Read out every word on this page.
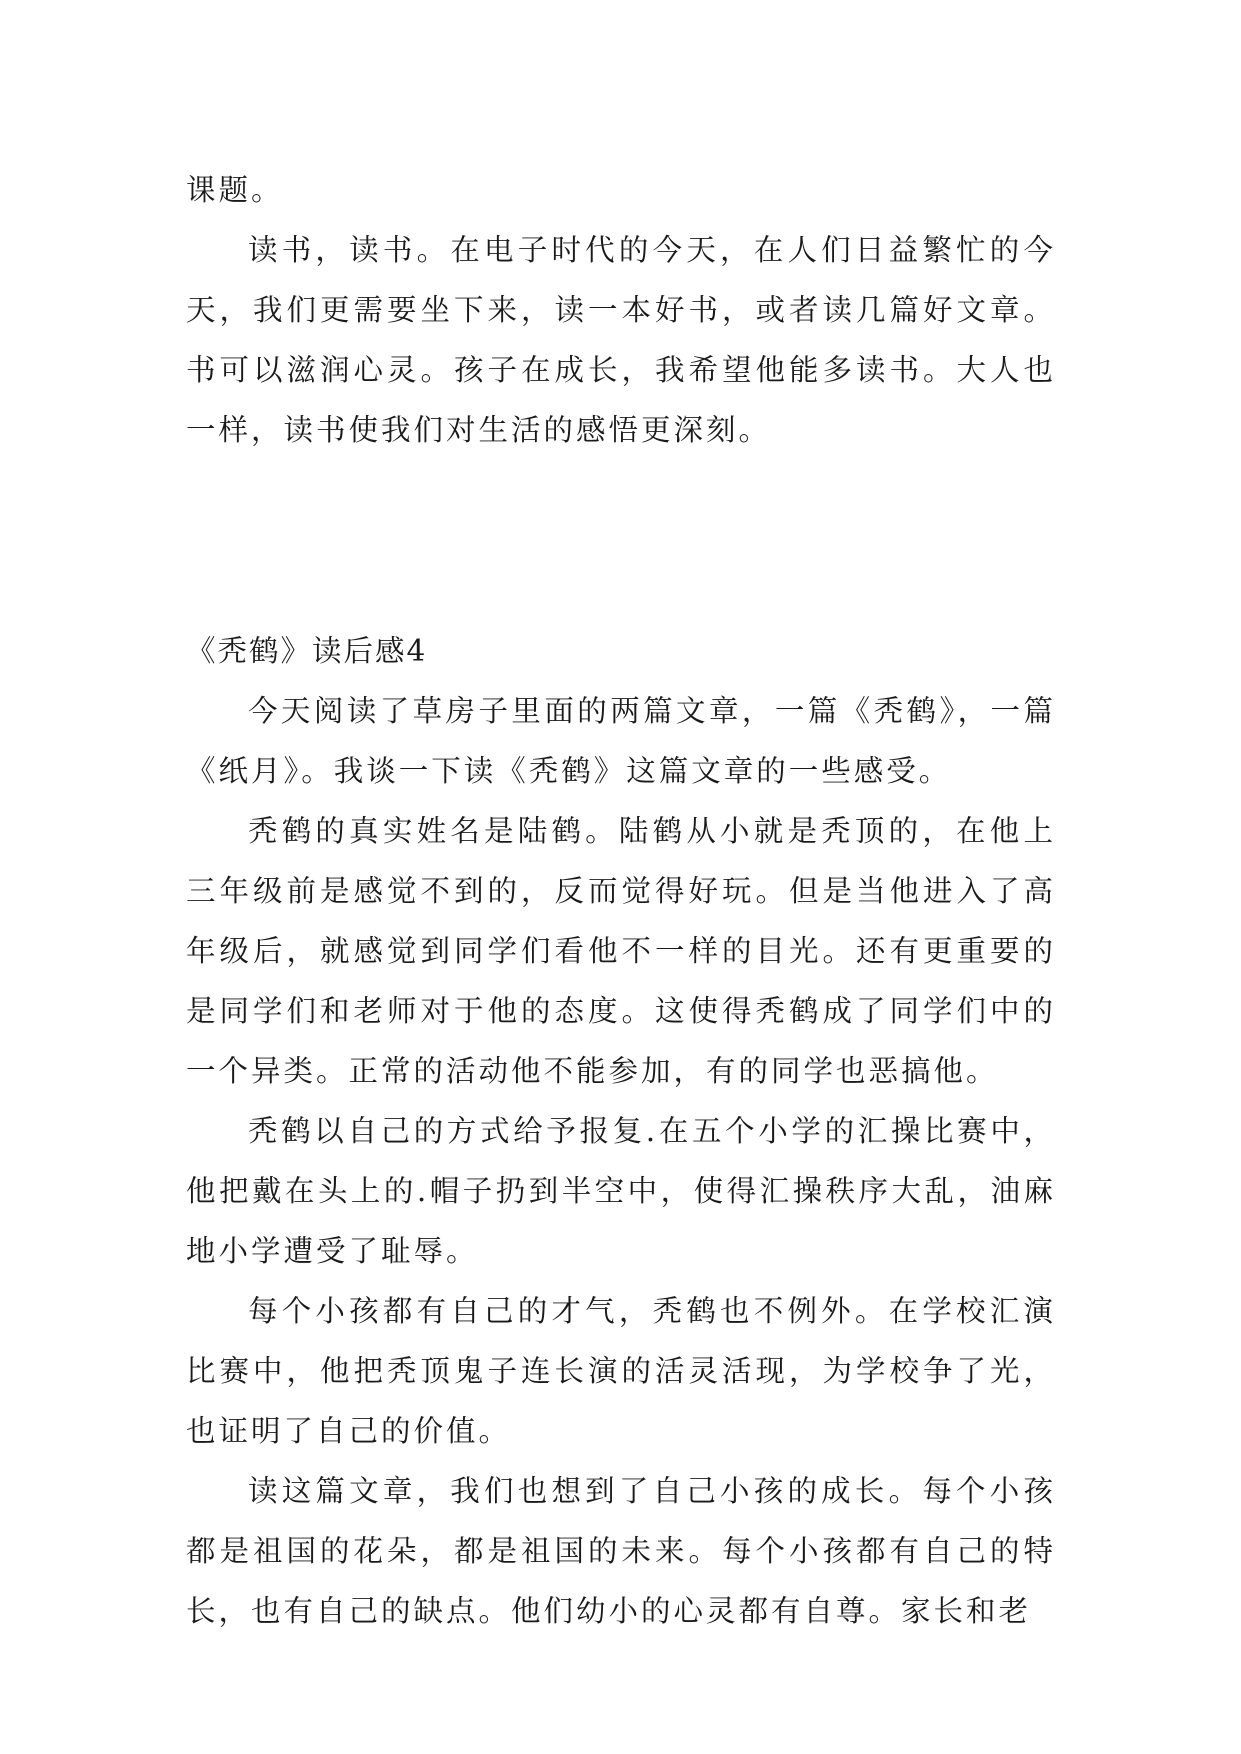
课题。

读书，读书。在电子时代的今天，在人们日益繁忙的今天，我们更需要坐下来，读一本好书，或者读几篇好文章。书可以滋润心灵。孩子在成长，我希望他能多读书。大人也一样，读书使我们对生活的感悟更深刻。

《秃鹤》读后感4

今天阅读了草房子里面的两篇文章，一篇《秃鹤》，一篇《纸月》。我谈一下读《秃鹤》这篇文章的一些感受。

秃鹤的真实姓名是陆鹤。陆鹤从小就是秃顶的，在他上三年级前是感觉不到的，反而觉得好玩。但是当他进入了高年级后，就感觉到同学们看他不一样的目光。还有更重要的是同学们和老师对于他的态度。这使得秃鹤成了同学们中的一个异类。正常的活动他不能参加，有的同学也恶搞他。

秃鹤以自己的方式给予报复.在五个小学的汇操比赛中，他把戴在头上的.帽子扔到半空中，使得汇操秩序大乱，油麻地小学遭受了耻辱。

每个小孩都有自己的才气，秃鹤也不例外。在学校汇演比赛中，他把秃顶鬼子连长演的活灵活现，为学校争了光，也证明了自己的价值。

读这篇文章，我们也想到了自己小孩的成长。每个小孩都是祖国的花朵，都是祖国的未来。每个小孩都有自己的特长，也有自己的缺点。他们幼小的心灵都有自尊。家长和老
